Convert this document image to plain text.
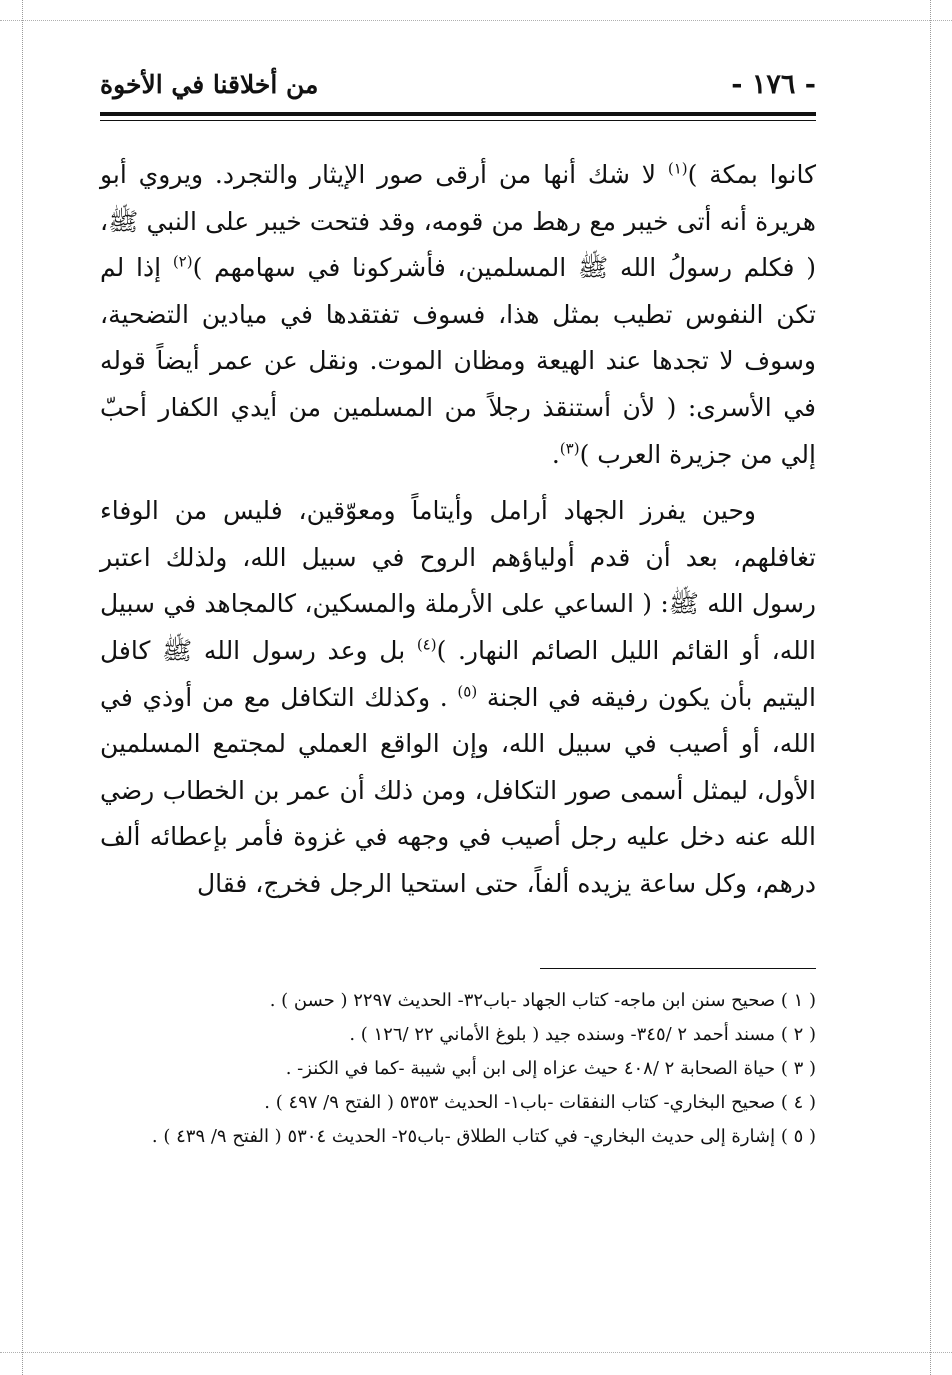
- ١٧٦ -
من أخلاقنا في الأخوة

كانوا بمكة )$^{(١)}$ لا شك أنها من أرقى صور الإيثار والتجرد. ويروي أبو هريرة أنه أتى خيبر مع رهط من قومه، وقد فتحت خيبر على النبي ﷺ، ( فكلم رسولُ الله ﷺ المسلمين، فأشركونا في سهامهم )$^{(٢)}$ إذا لم تكن النفوس تطيب بمثل هذا، فسوف تفتقدها في ميادين التضحية، وسوف لا تجدها عند الهيعة ومظان الموت. ونقل عن عمر أيضاً قوله في الأسرى: ( لأن أستنقذ رجلاً من المسلمين من أيدي الكفار أحبّ إلي من جزيرة العرب )$^{(٣)}$.

وحين يفرز الجهاد أرامل وأيتاماً ومعوّقين، فليس من الوفاء تغافلهم، بعد أن قدم أولياؤهم الروح في سبيل الله، ولذلك اعتبر رسول الله ﷺ: ( الساعي على الأرملة والمسكين، كالمجاهد في سبيل الله، أو القائم الليل الصائم النهار. )$^{(٤)}$ بل وعد رسول الله ﷺ كافل اليتيم بأن يكون رفيقه في الجنة $^{(٥)}$ . وكذلك التكافل مع من أوذي في الله، أو أصيب في سبيل الله، وإن الواقع العملي لمجتمع المسلمين الأول، ليمثل أسمى صور التكافل، ومن ذلك أن عمر بن الخطاب رضي الله عنه دخل عليه رجل أصيب في وجهه في غزوة فأمر بإعطائه ألف درهم، وكل ساعة يزيده ألفاً، حتى استحيا الرجل فخرج، فقال

( ١ ) صحيح سنن ابن ماجه- كتاب الجهاد -باب٣٢- الحديث ٢٢٩٧ ( حسن ) .
( ٢ ) مسند أحمد ٢ /٣٤٥- وسنده جيد ( بلوغ الأماني ٢٢ /١٢٦ ) .
( ٣ ) حياة الصحابة ٢ /٤٠٨ حيث عزاه إلى ابن أبي شيبة -كما في الكنز- .
( ٤ ) صحيح البخاري- كتاب النفقات -باب١- الحديث ٥٣٥٣ ( الفتح ٩/ ٤٩٧ ) .
( ٥ ) إشارة إلى حديث البخاري- في كتاب الطلاق -باب٢٥- الحديث ٥٣٠٤ ( الفتح ٩/ ٤٣٩ ) .
